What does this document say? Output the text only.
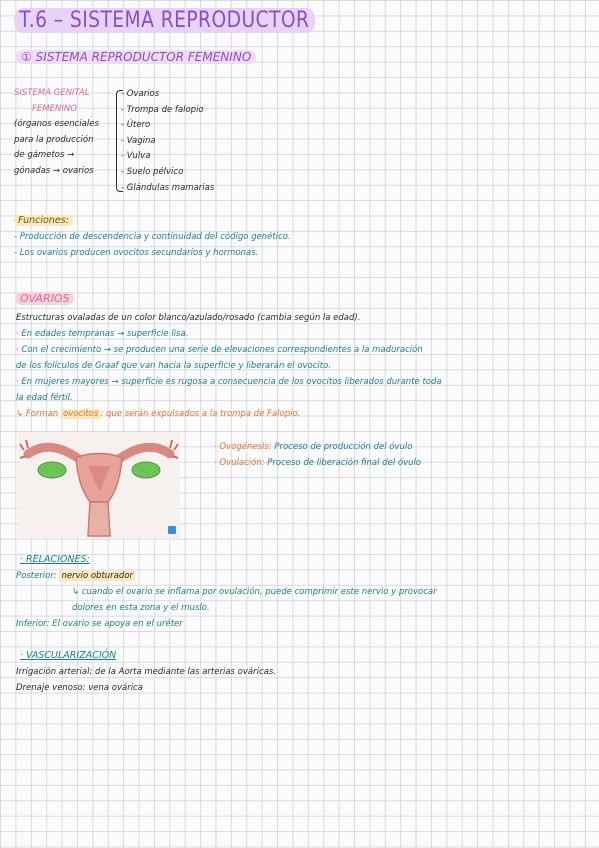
T.6 – SISTEMA REPRODUCTOR
① SISTEMA REPRODUCTOR FEMENINO
SISTEMA GENITAL
FEMENINO
(órganos esenciales
para la producción
de gámetos →
gónadas → ovarios
- Ovarios
- Trompa de falopio
- Útero
- Vagina
- Vulva
- Suelo pélvico
- Glándulas mamarias
Funciones:
- Producción de descendencia y continuidad del código genético.
- Los ovarios producen ovocitos secundarios y hormonas.
OVARIOS
Estructuras ovaladas de un color blanco/azulado/rosado (cambia según la edad).
· En edades tempranas → superficie lisa.
· Con el crecimiento → se producen una serie de elevaciones correspondientes a la maduración
de los folículos de Graaf que van hacia la superficie y liberarán el ovocito.
· En mujeres mayores → superficie es rugosa a consecuencia de los ovocitos liberados durante toda
la edad fértil.
↳ Forman ovocitos : que serán expulsados a la trompa de Falopio.
· Ovogénesis: Proceso de producción del óvulo
· Ovulación: Proceso de liberación final del óvulo
· RELACIONES:
Posterior: nervio obturador
↳ cuando el ovario se inflama por ovulación, puede comprimir este nervio y provocar
dolores en esta zona y el muslo.
Inferior: El ovario se apoya en el uréter
· VASCULARIZACIÓN
Irrigación arterial: de la Aorta mediante las arterias ováricas.
Drenaje venoso: vena ovárica
